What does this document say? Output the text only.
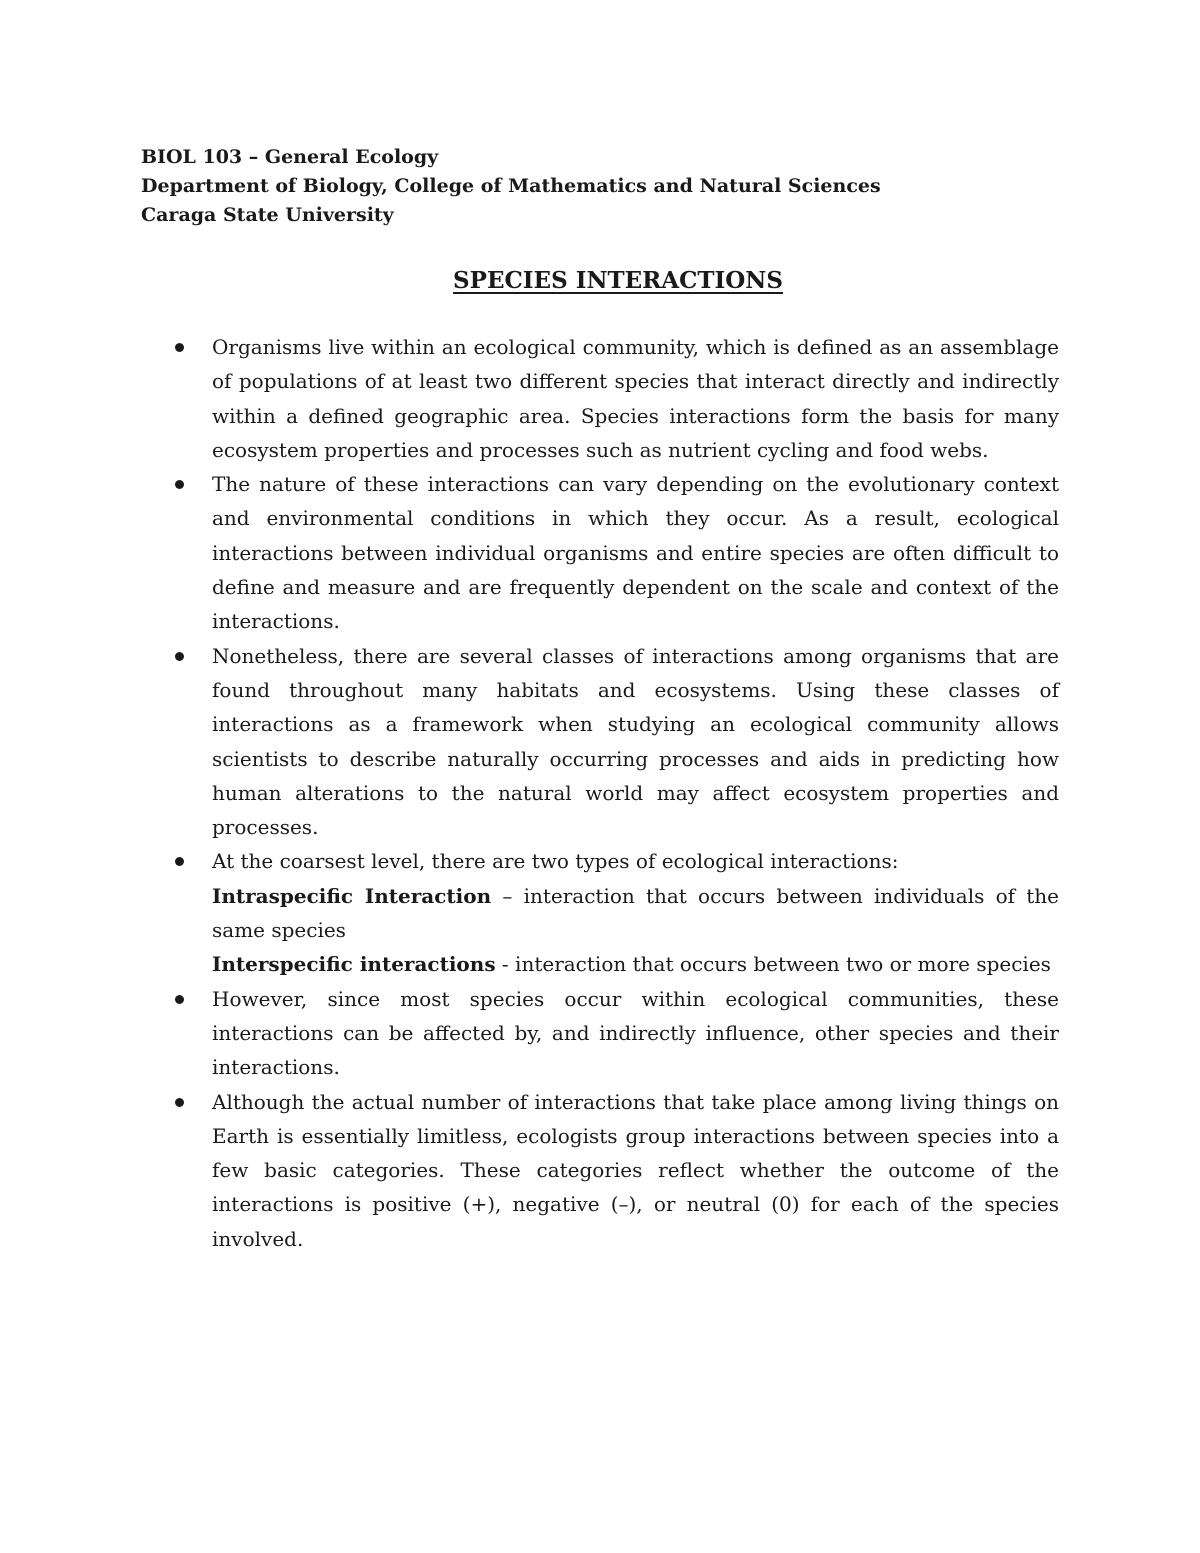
BIOL 103 – General Ecology
Department of Biology, College of Mathematics and Natural Sciences
Caraga State University
SPECIES INTERACTIONS
Organisms live within an ecological community, which is defined as an assemblage of populations of at least two different species that interact directly and indirectly within a defined geographic area. Species interactions form the basis for many ecosystem properties and processes such as nutrient cycling and food webs.
The nature of these interactions can vary depending on the evolutionary context and environmental conditions in which they occur. As a result, ecological interactions between individual organisms and entire species are often difficult to define and measure and are frequently dependent on the scale and context of the interactions.
Nonetheless, there are several classes of interactions among organisms that are found throughout many habitats and ecosystems. Using these classes of interactions as a framework when studying an ecological community allows scientists to describe naturally occurring processes and aids in predicting how human alterations to the natural world may affect ecosystem properties and processes.
At the coarsest level, there are two types of ecological interactions:
Intraspecific Interaction – interaction that occurs between individuals of the
same species
Interspecific interactions - interaction that occurs between two or more species
However, since most species occur within ecological communities, these interactions can be affected by, and indirectly influence, other species and their interactions.
Although the actual number of interactions that take place among living things on Earth is essentially limitless, ecologists group interactions between species into a few basic categories. These categories reflect whether the outcome of the interactions is positive (+), negative (–), or neutral (0) for each of the species involved.
